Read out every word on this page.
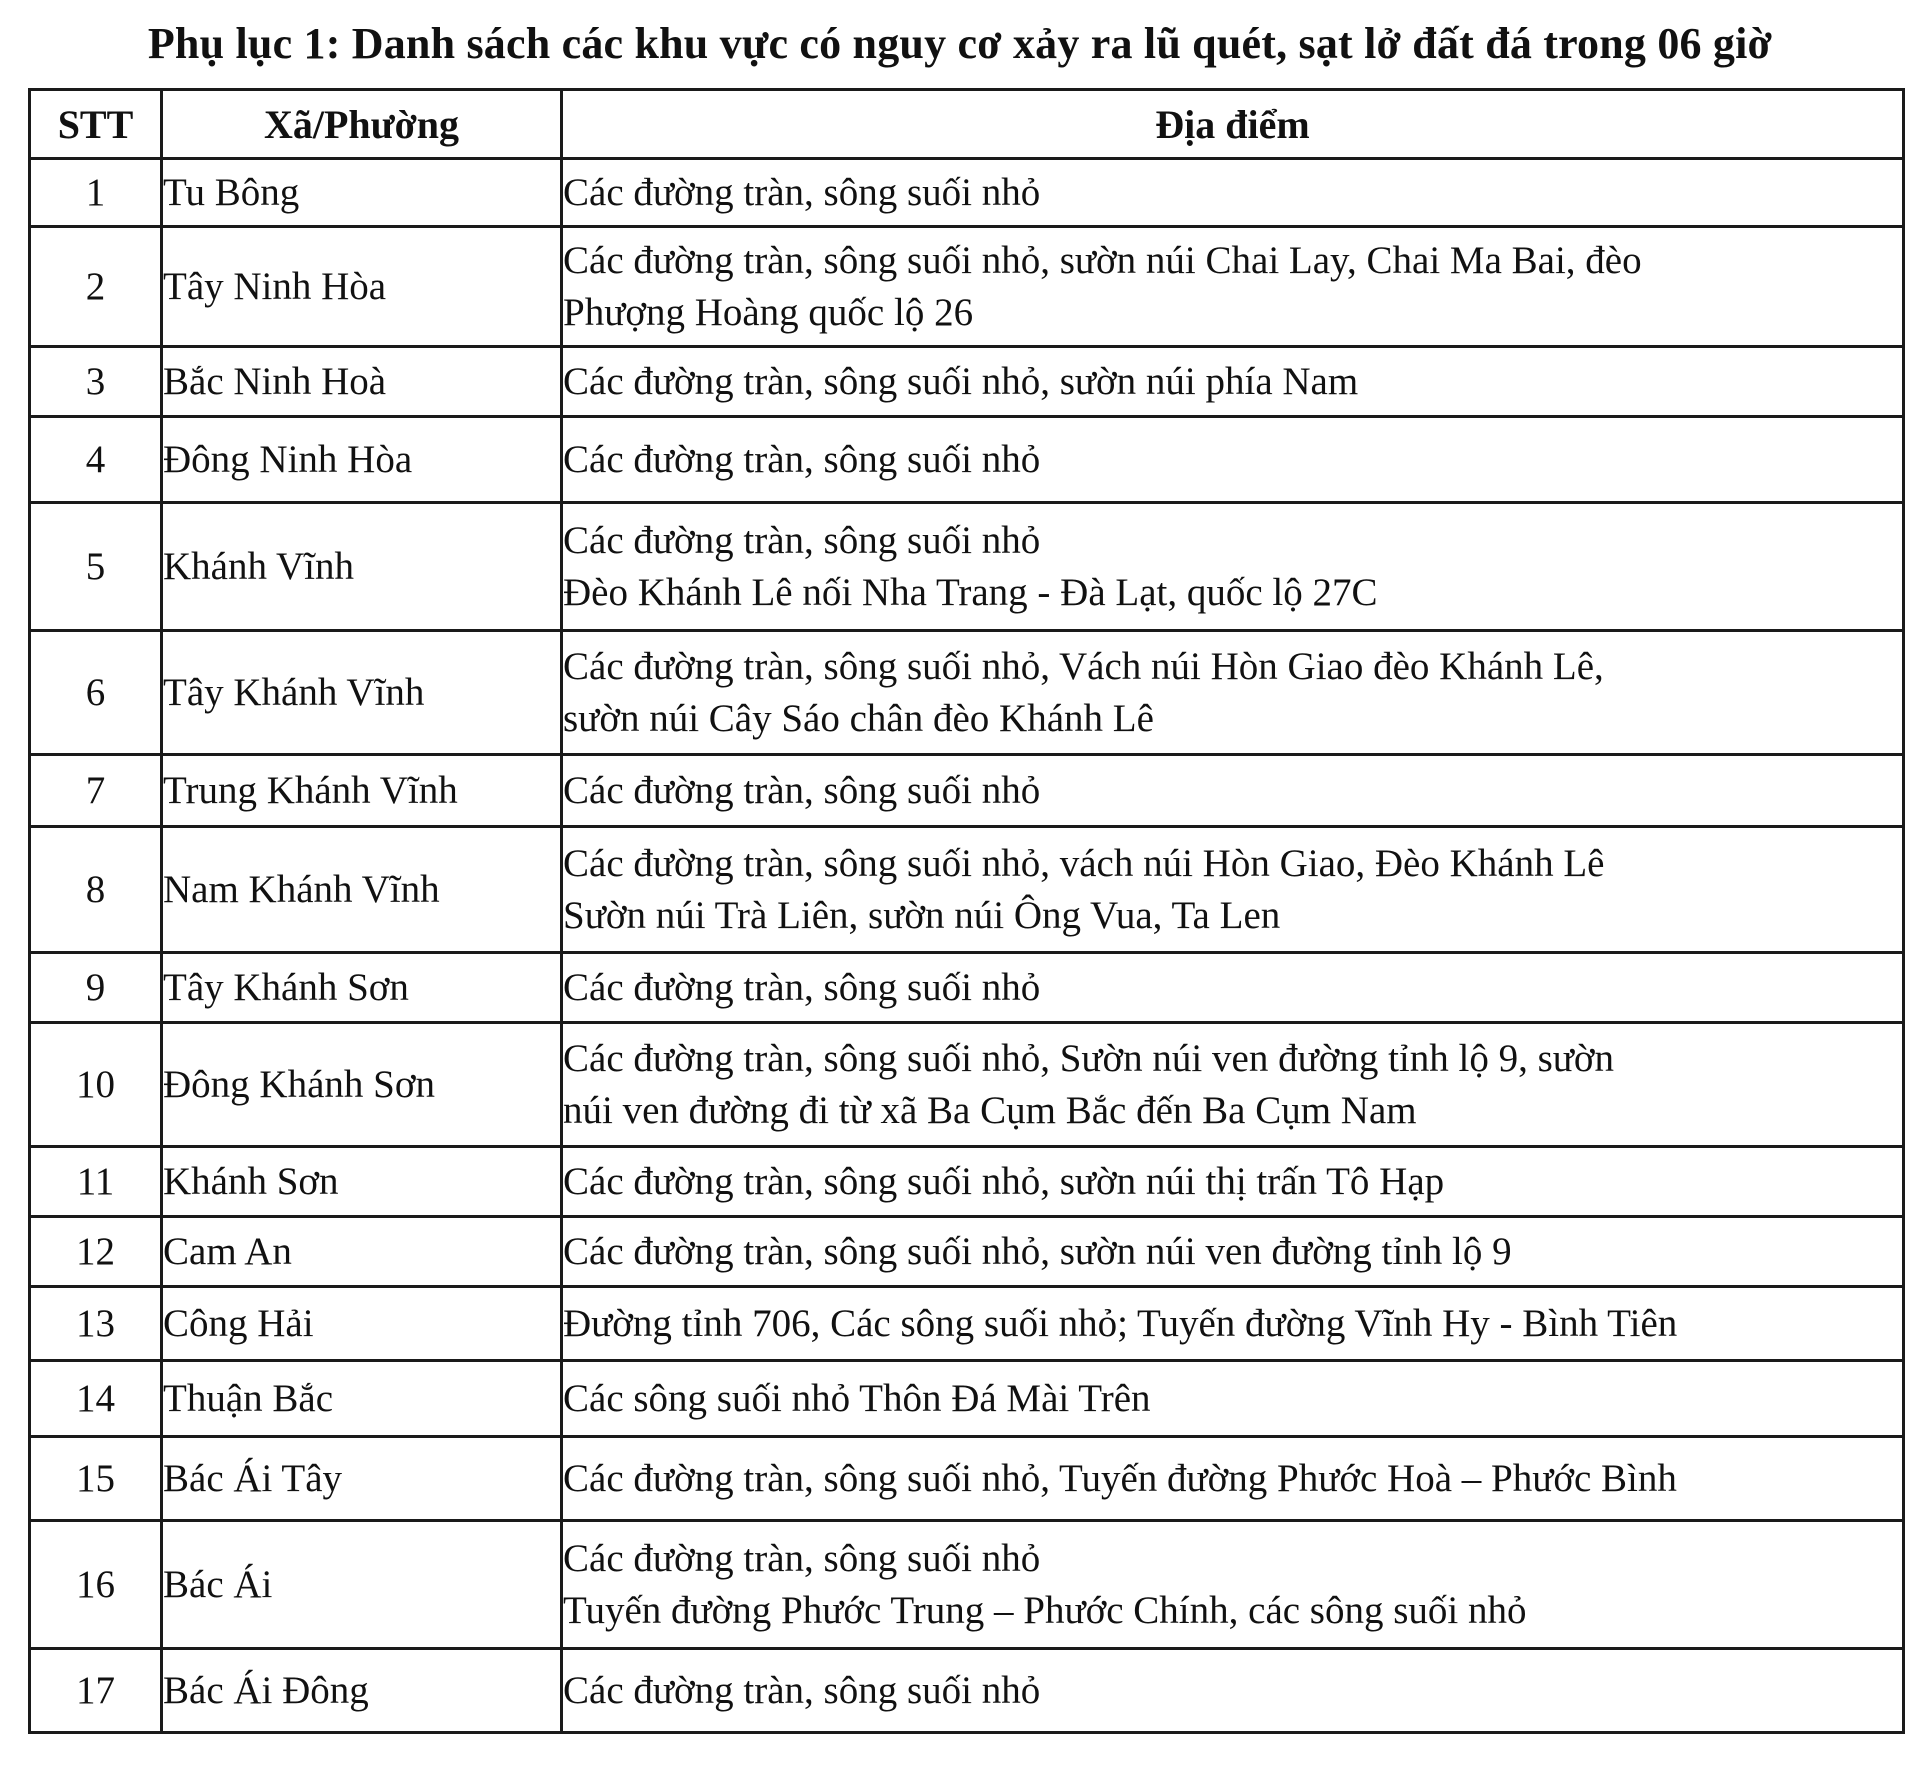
Phụ lục 1: Danh sách các khu vực có nguy cơ xảy ra lũ quét, sạt lở đất đá trong 06 giờ
STT	Xã/Phường	Địa điểm
1	Tu Bông	Các đường tràn, sông suối nhỏ

2	Tây Ninh Hòa	Các đường tràn, sông suối nhỏ, sườn núi Chai Lay, Chai Ma Bai, đèo
Phượng Hoàng quốc lộ 26

3	Bắc Ninh Hoà	Các đường tràn, sông suối nhỏ, sườn núi phía Nam

4	Đông Ninh Hòa	Các đường tràn, sông suối nhỏ

5	Khánh Vĩnh	Các đường tràn, sông suối nhỏ
Đèo Khánh Lê nối Nha Trang - Đà Lạt, quốc lộ 27C

6	Tây Khánh Vĩnh	Các đường tràn, sông suối nhỏ, Vách núi Hòn Giao đèo Khánh Lê,
sườn núi Cây Sáo chân đèo Khánh Lê

7	Trung Khánh Vĩnh	Các đường tràn, sông suối nhỏ

8	Nam Khánh Vĩnh	Các đường tràn, sông suối nhỏ, vách núi Hòn Giao, Đèo Khánh Lê
Sườn núi Trà Liên, sườn núi Ông Vua, Ta Len

9	Tây Khánh Sơn	Các đường tràn, sông suối nhỏ

10	Đông Khánh Sơn	Các đường tràn, sông suối nhỏ, Sườn núi ven đường tỉnh lộ 9, sườn
núi ven đường đi từ xã Ba Cụm Bắc đến Ba Cụm Nam

11	Khánh Sơn	Các đường tràn, sông suối nhỏ, sườn núi thị trấn Tô Hạp

12	Cam An	Các đường tràn, sông suối nhỏ, sườn núi ven đường tỉnh lộ 9

13	Công Hải	Đường tỉnh 706, Các sông suối nhỏ; Tuyến đường Vĩnh Hy - Bình Tiên

14	Thuận Bắc	Các sông suối nhỏ Thôn Đá Mài Trên

15	Bác Ái Tây	Các đường tràn, sông suối nhỏ, Tuyến đường Phước Hoà – Phước Bình

16	Bác Ái	Các đường tràn, sông suối nhỏ
Tuyến đường Phước Trung – Phước Chính, các sông suối nhỏ

17	Bác Ái Đông	Các đường tràn, sông suối nhỏ
